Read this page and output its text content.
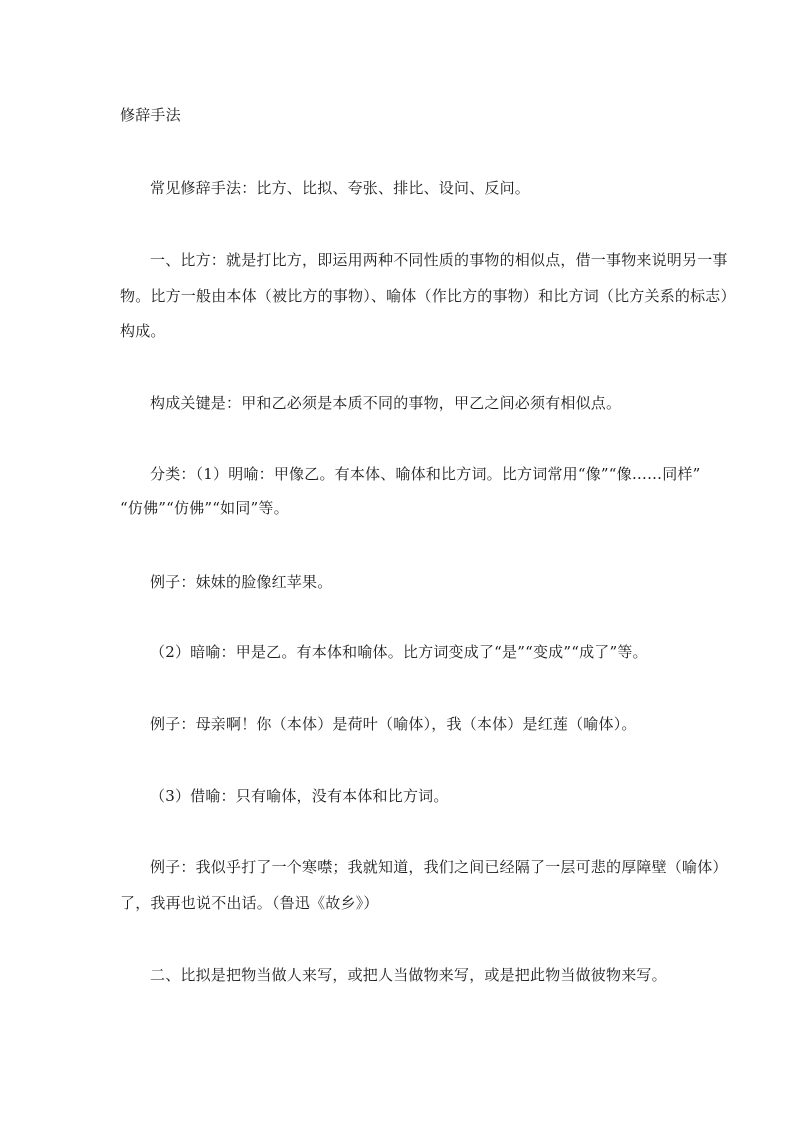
修辞手法
常见修辞手法：比方、比拟、夸张、排比、设问、反问。
一、比方：就是打比方，即运用两种不同性质的事物的相似点，借一事物来说明另一事
物。比方一般由本体（被比方的事物）、喻体（作比方的事物）和比方词（比方关系的标志）
构成。
构成关键是：甲和乙必须是本质不同的事物，甲乙之间必须有相似点。
分类：（1）明喻：甲像乙。有本体、喻体和比方词。比方词常用“像”“像……同样”
“仿佛”“仿佛”“如同”等。
例子：妹妹的脸像红苹果。
（2）暗喻：甲是乙。有本体和喻体。比方词变成了“是”“变成”“成了”等。
例子：母亲啊！你（本体）是荷叶（喻体），我（本体）是红莲（喻体）。
（3）借喻：只有喻体，没有本体和比方词。
例子：我似乎打了一个寒噤；我就知道，我们之间已经隔了一层可悲的厚障壁（喻体）
了，我再也说不出话。（鲁迅《故乡》）
二、比拟是把物当做人来写，或把人当做物来写，或是把此物当做彼物来写。
